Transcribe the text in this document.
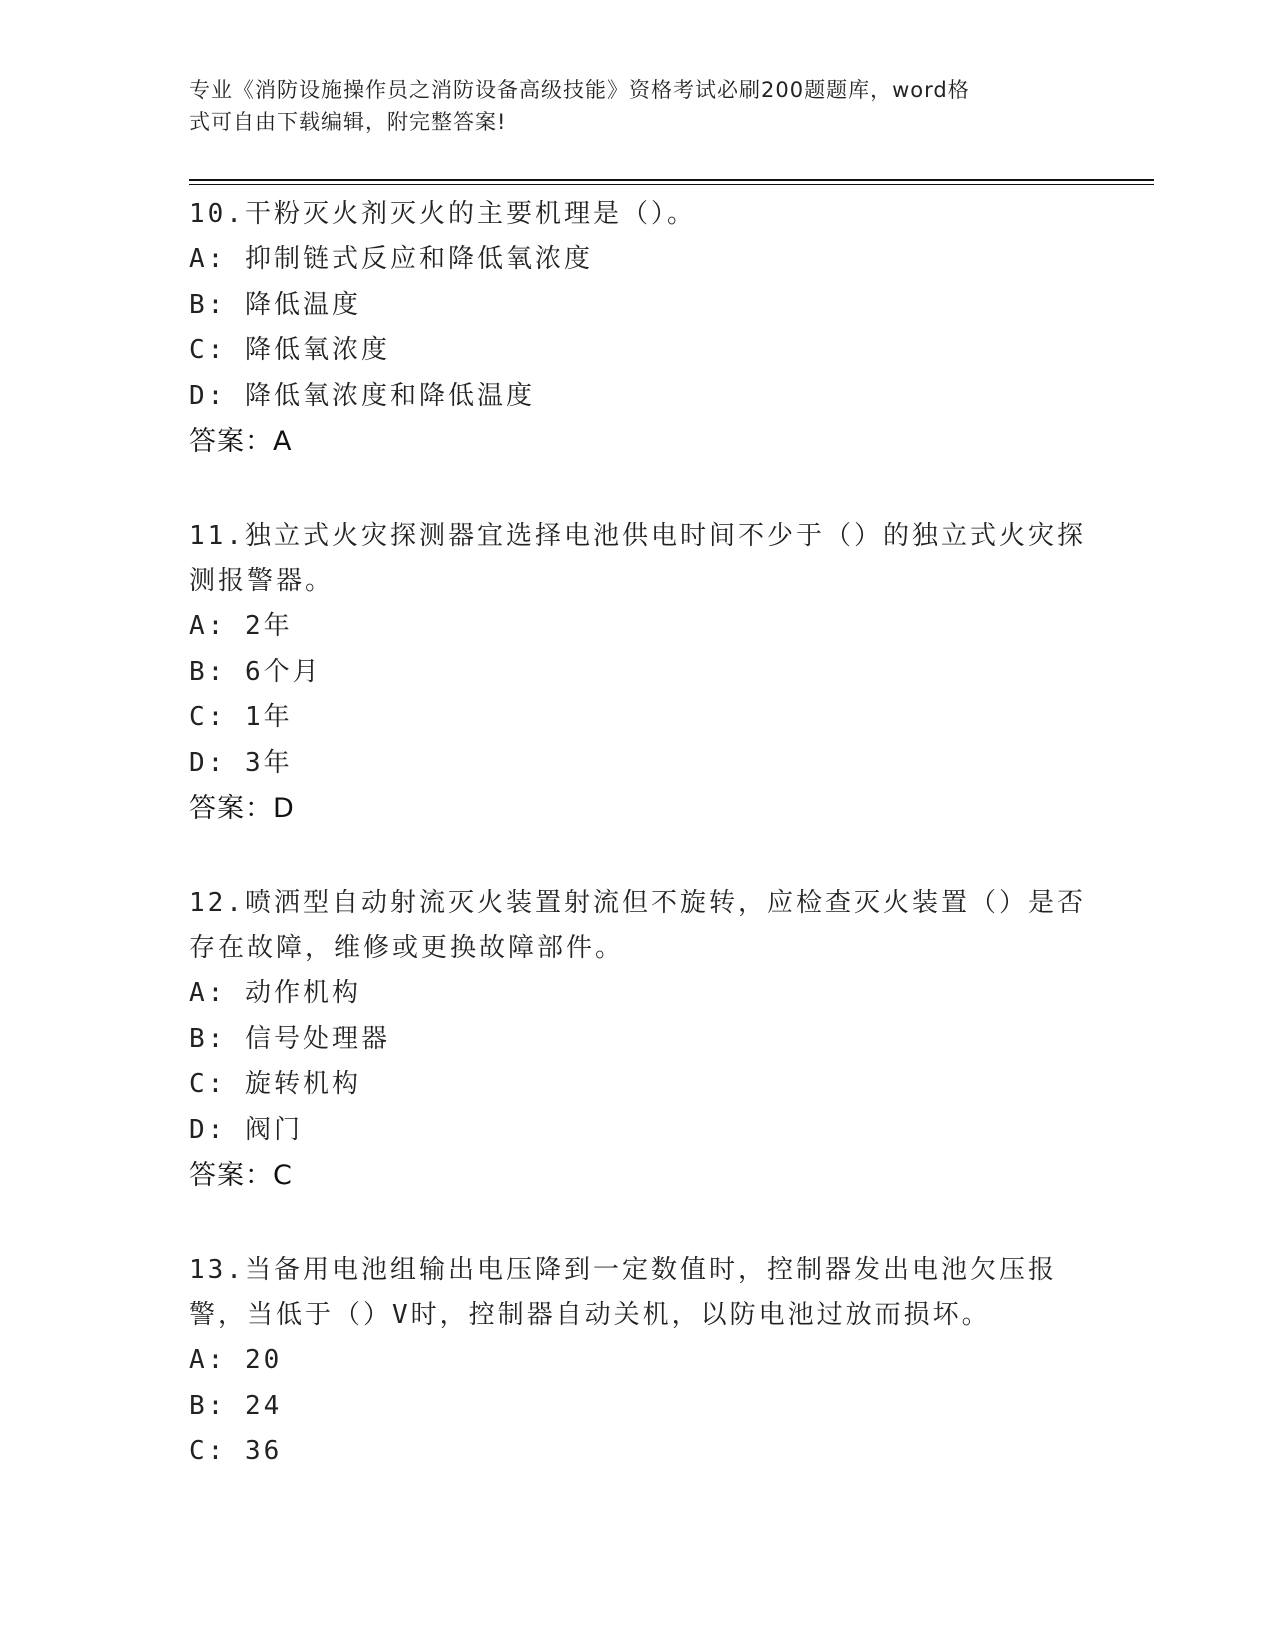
专业《消防设施操作员之消防设备高级技能》资格考试必刷200题题库，word格
式可自由下载编辑，附完整答案!

10.干粉灭火剂灭火的主要机理是（）。

A: 抑制链式反应和降低氧浓度

B: 降低温度

C: 降低氧浓度

D: 降低氧浓度和降低温度

答案：A

11.独立式火灾探测器宜选择电池供电时间不少于（）的独立式火灾探测报警器。

A: 2年

B: 6个月

C: 1年

D: 3年

答案：D

12.喷洒型自动射流灭火装置射流但不旋转，应检查灭火装置（）是否存在故障，维修或更换故障部件。

A: 动作机构

B: 信号处理器

C: 旋转机构

D: 阀门

答案：C

13.当备用电池组输出电压降到一定数值时，控制器发出电池欠压报警，当低于（）V时，控制器自动关机，以防电池过放而损坏。

A: 20

B: 24

C: 36
